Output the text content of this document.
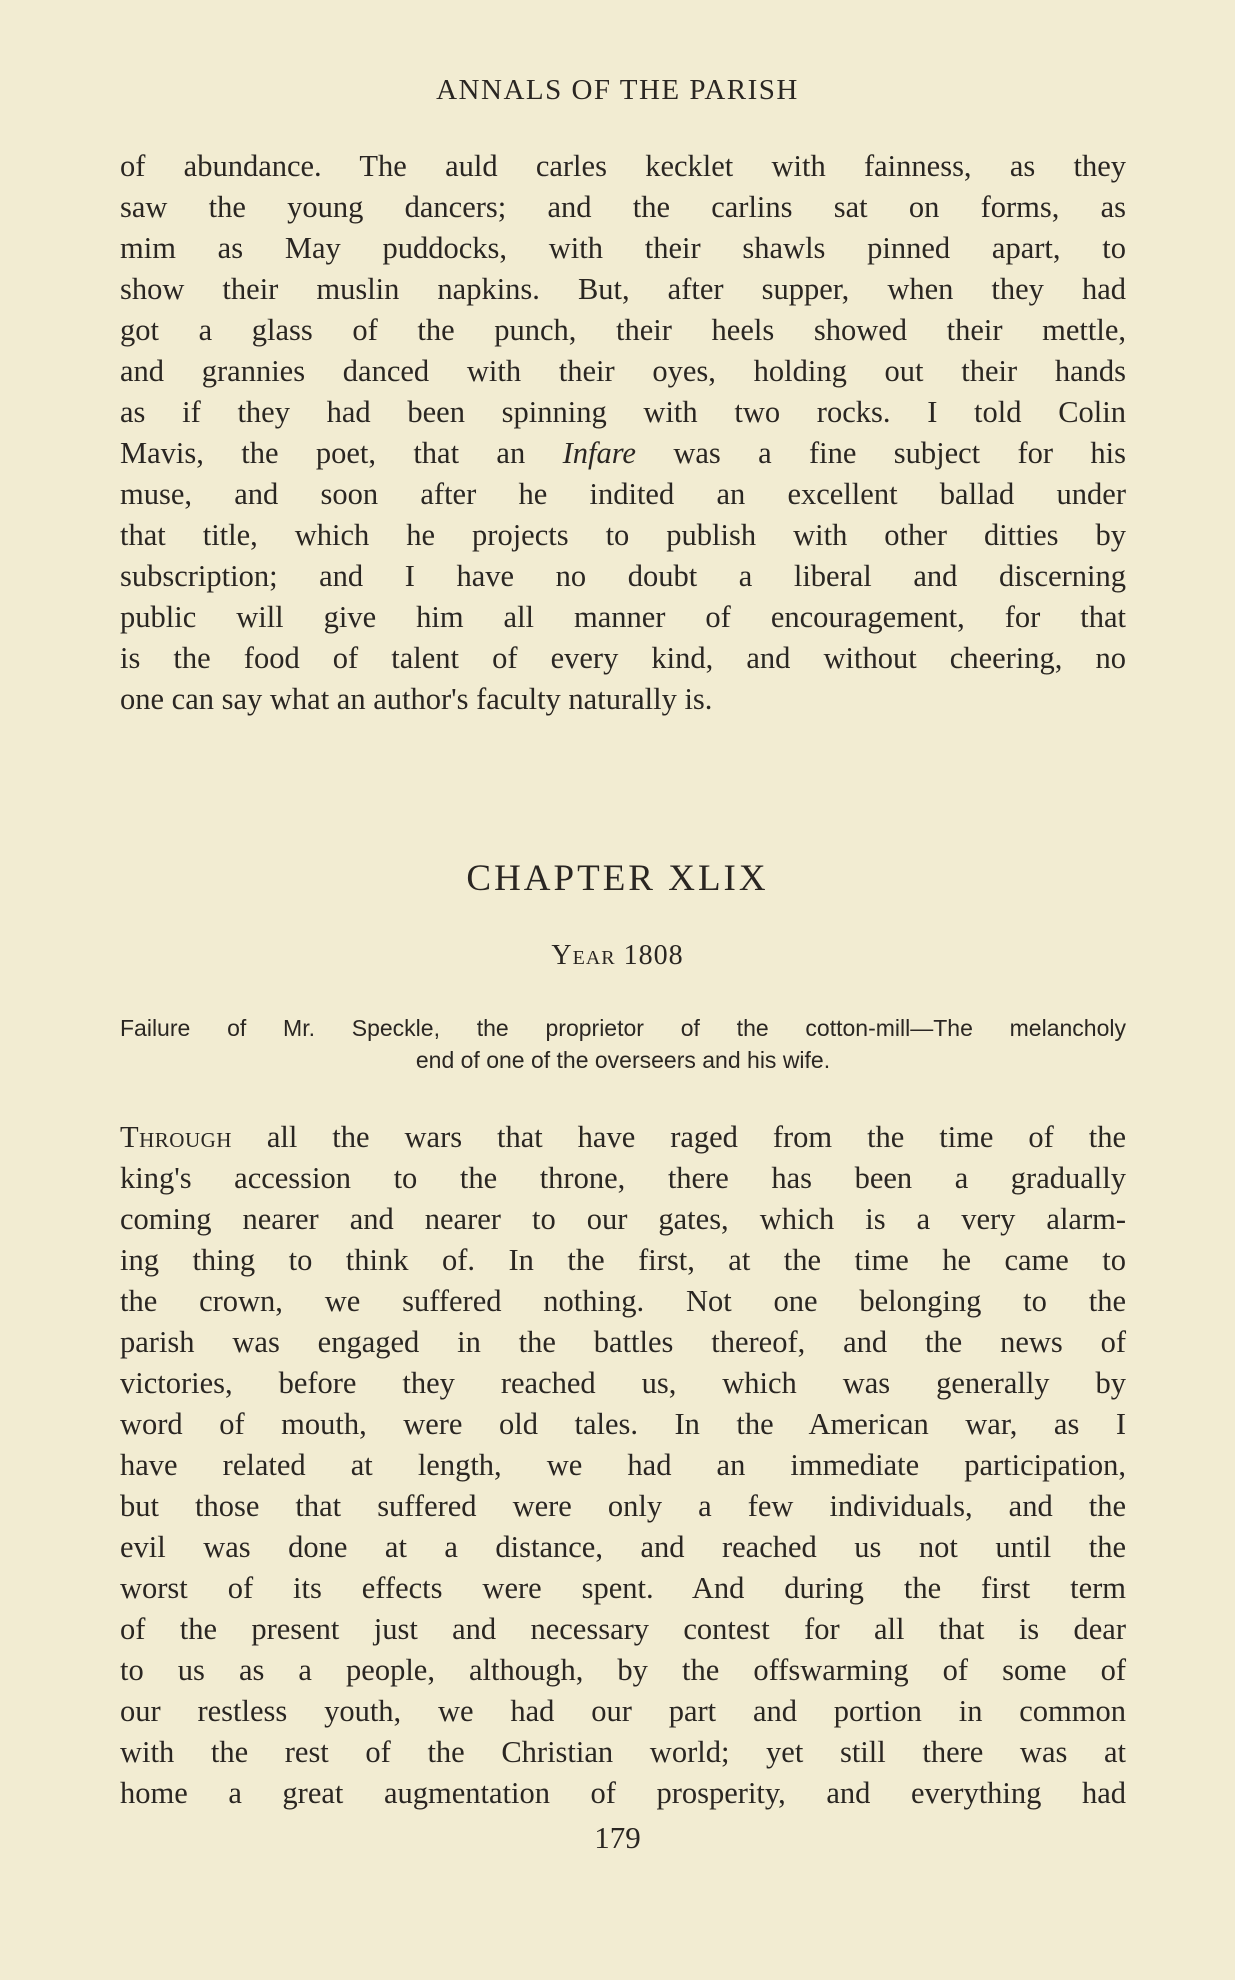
ANNALS OF THE PARISH
of abundance. The auld carles kecklet with fainness, as they
saw the young dancers; and the carlins sat on forms, as
mim as May puddocks, with their shawls pinned apart, to
show their muslin napkins. But, after supper, when they had
got a glass of the punch, their heels showed their mettle,
and grannies danced with their oyes, holding out their hands
as if they had been spinning with two rocks. I told Colin
Mavis, the poet, that an Infare was a fine subject for his
muse, and soon after he indited an excellent ballad under
that title, which he projects to publish with other ditties by
subscription; and I have no doubt a liberal and discerning
public will give him all manner of encouragement, for that
is the food of talent of every kind, and without cheering, no
one can say what an author's faculty naturally is.
CHAPTER XLIX
Year 1808
Failure of Mr. Speckle, the proprietor of the cotton-mill—The melancholy
end of one of the overseers and his wife.
Through all the wars that have raged from the time of the
king's accession to the throne, there has been a gradually
coming nearer and nearer to our gates, which is a very alarm-
ing thing to think of. In the first, at the time he came to
the crown, we suffered nothing. Not one belonging to the
parish was engaged in the battles thereof, and the news of
victories, before they reached us, which was generally by
word of mouth, were old tales. In the American war, as I
have related at length, we had an immediate participation,
but those that suffered were only a few individuals, and the
evil was done at a distance, and reached us not until the
worst of its effects were spent. And during the first term
of the present just and necessary contest for all that is dear
to us as a people, although, by the offswarming of some of
our restless youth, we had our part and portion in common
with the rest of the Christian world; yet still there was at
home a great augmentation of prosperity, and everything had
179
